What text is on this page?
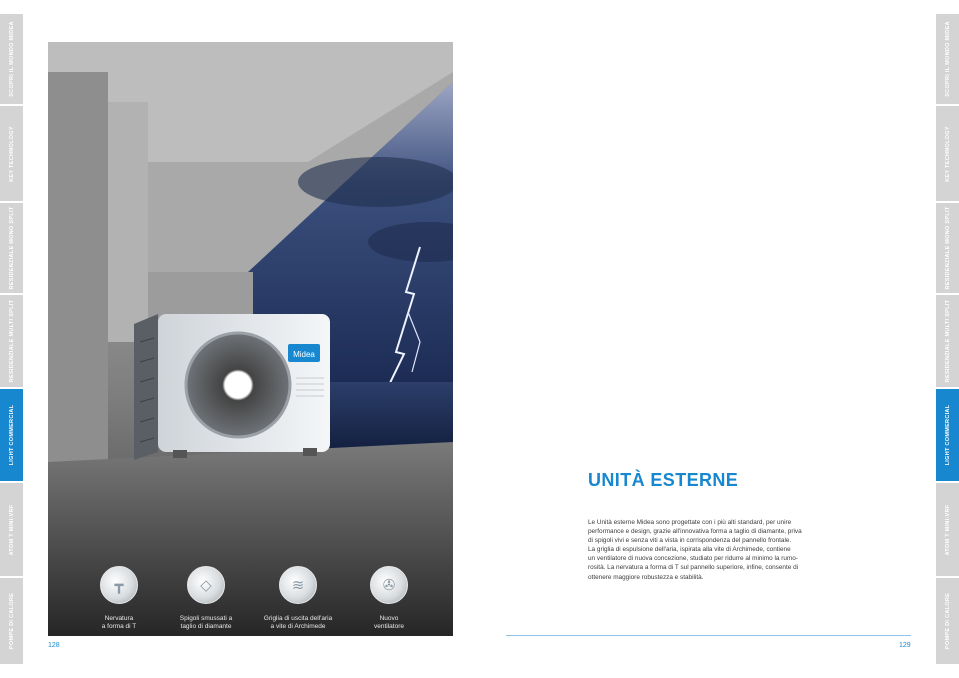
SCOPRI IL MONDO MIDEA
KEY TECHNOLOGY
RESIDENZIALE MONO SPLIT
RESIDENZIALE MULTI SPLIT
LIGHT COMMERCIAL
ATOM T MINI-VRF
POMPE DI CALORE
SCOPRI IL MONDO MIDEA
KEY TECHNOLOGY
RESIDENZIALE MONO SPLIT
RESIDENZIALE MULTI SPLIT
LIGHT COMMERCIAL
ATOM T MINI-VRF
POMPE DI CALORE
Midea
┳
Nervatura
a forma di T
◇
Spigoli smussati a
taglio di diamante
≋
Griglia di uscita dell'aria
a vite di Archimede
✇
Nuovo
ventilatore
128
UNITÀ ESTERNE
Le Unità esterne Midea sono progettate con i più alti standard, per unire
performance e design, grazie all'innovativa forma a taglio di diamante, priva
di spigoli vivi e senza viti a vista in corrispondenza del pannello frontale.
La griglia di espulsione dell'aria, ispirata alla vite di Archimede, contiene
un ventilatore di nuova concezione, studiato per ridurre al minimo la rumo-
rosità. La nervatura a forma di T sul pannello superiore, infine, consente di
ottenere maggiore robustezza e stabilità.
129
